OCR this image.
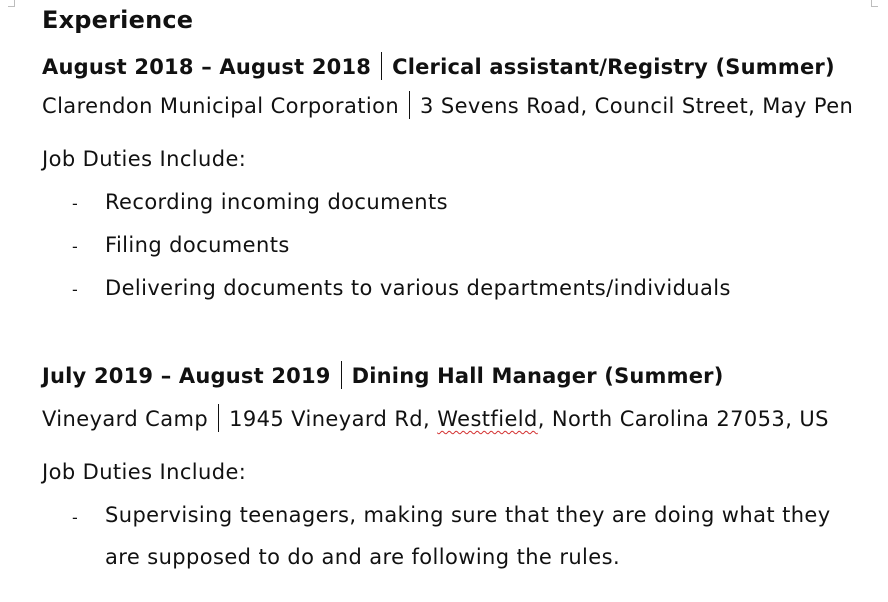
Experience
August 2018 – August 2018 Clerical assistant/Registry (Summer)
Clarendon Municipal Corporation 3 Sevens Road, Council Street, May Pen
Job Duties Include:
- Recording incoming documents
- Filing documents
- Delivering documents to various departments/individuals
July 2019 – August 2019 Dining Hall Manager (Summer)
Vineyard Camp 1945 Vineyard Rd, Westfield, North Carolina 27053, US
Job Duties Include:
- Supervising teenagers, making sure that they are doing what they are supposed to do and are following the rules.
